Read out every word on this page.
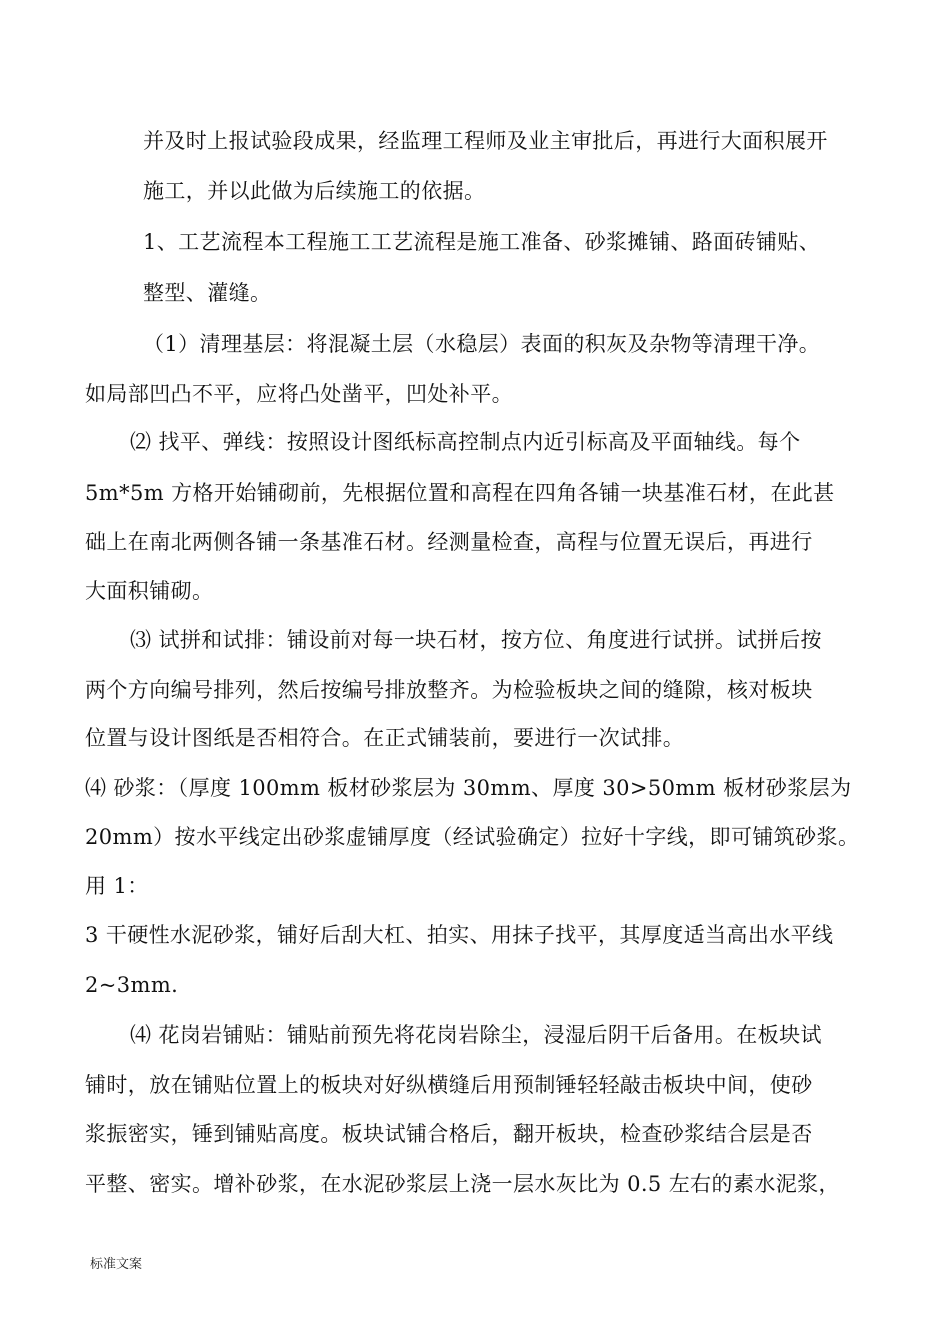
并及时上报试验段成果，经监理工程师及业主审批后，再进行大面积展开
施工，并以此做为后续施工的依据。
1、工艺流程本工程施工工艺流程是施工准备、砂浆摊铺、路面砖铺贴、
整型、灌缝。
（1）清理基层：将混凝土层（水稳层）表面的积灰及杂物等清理干净。
如局部凹凸不平，应将凸处凿平，凹处补平。
⑵ 找平、弹线：按照设计图纸标高控制点内近引标高及平面轴线。每个
5m*5m 方格开始铺砌前，先根据位置和高程在四角各铺一块基准石材，在此甚
础上在南北两侧各铺一条基准石材。经测量检查，高程与位置无误后，再进行
大面积铺砌。
⑶ 试拼和试排：铺设前对每一块石材，按方位、角度进行试拼。试拼后按
两个方向编号排列，然后按编号排放整齐。为检验板块之间的缝隙，核对板块
位置与设计图纸是否相符合。在正式铺装前，要进行一次试排。
⑷ 砂浆：（厚度 100mm 板材砂浆层为 30mm、厚度 30>50mm 板材砂浆层为
20mm）按水平线定出砂浆虚铺厚度（经试验确定）拉好十字线，即可铺筑砂浆。
用 1：
3 干硬性水泥砂浆，铺好后刮大杠、拍实、用抹子找平，其厚度适当高出水平线
2~3mm.
⑷ 花岗岩铺贴：铺贴前预先将花岗岩除尘，浸湿后阴干后备用。在板块试
铺时，放在铺贴位置上的板块对好纵横缝后用预制锤轻轻敲击板块中间，使砂
浆振密实，锤到铺贴高度。板块试铺合格后，翻开板块，检查砂浆结合层是否
平整、密实。增补砂浆，在水泥砂浆层上浇一层水灰比为 0.5 左右的素水泥浆，
标准文案
